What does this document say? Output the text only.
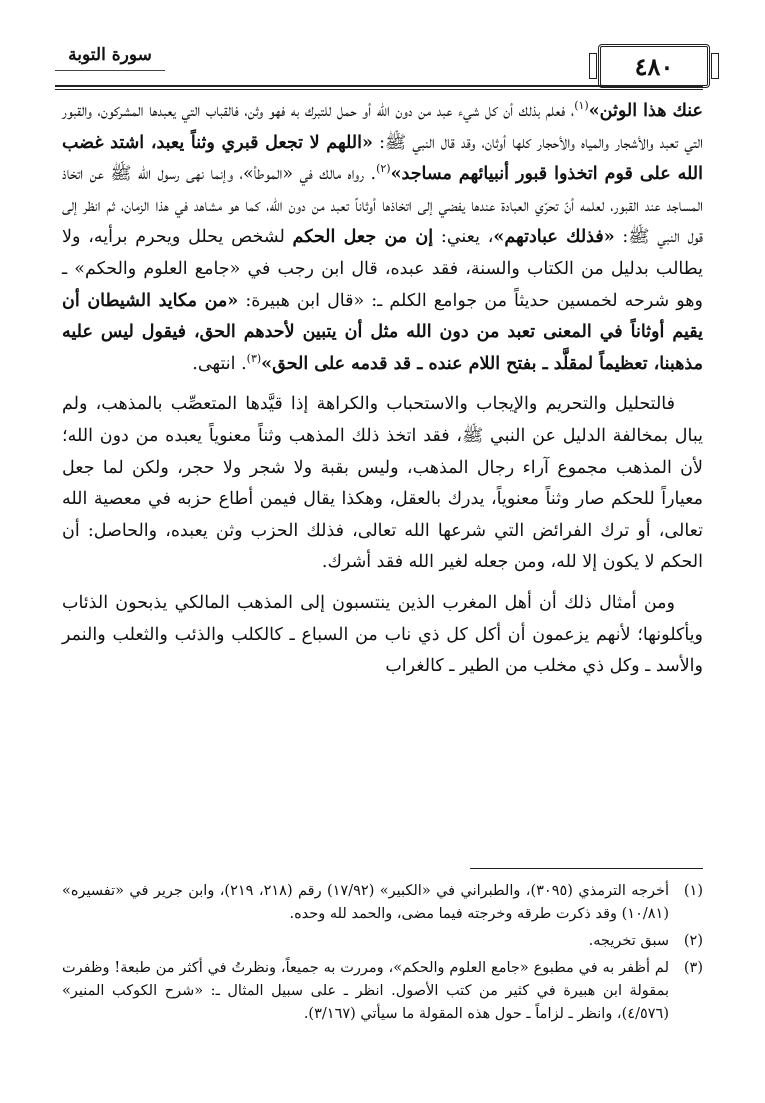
سورة التوبة	٤٨٠

عنك هذا الوثن»$^{(١)}$، فعلم بذلك أن كل شيء عبد من دون الله أو حمل للتبرك به فهو وثن، فالقباب التي يعبدها المشركون، والقبور التي تعبد والأشجار والمياه والأحجار كلها أوثان، وقد قال النبي ﷺ: «اللهم لا تجعل قبري وثناً يعبد، اشتد غضب الله على قوم اتخذوا قبور أنبيائهم مساجد»$^{(٢)}$. رواه مالك في «الموطأ»، وإنما نهى رسول الله ﷺ عن اتخاذ المساجد عند القبور، لعلمه أنّ تحرّي العبادة عندها يفضي إلى اتخاذها أوثاناً تعبد من دون الله، كما هو مشاهد في هذا الزمان، ثم انظر إلى قول النبي ﷺ: «فذلك عبادتهم»، يعني: إن من جعل الحكم لشخص يحلل ويحرم برأيه، ولا يطالب بدليل من الكتاب والسنة، فقد عبده، قال ابن رجب في «جامع العلوم والحكم» ـ وهو شرحه لخمسين حديثاً من جوامع الكلم ـ: «قال ابن هبيرة: «من مكايد الشيطان أن يقيم أوثاناً في المعنى تعبد من دون الله مثل أن يتبين لأحدهم الحق، فيقول ليس عليه مذهبنا، تعظيماً لمقلَّد ـ بفتح اللام عنده ـ قد قدمه على الحق»$^{(٣)}$. انتهى.

فالتحليل والتحريم والإيجاب والاستحباب والكراهة إذا قيَّدها المتعصِّب بالمذهب، ولم يبال بمخالفة الدليل عن النبي ﷺ، فقد اتخذ ذلك المذهب وثناً معنوياً يعبده من دون الله؛ لأن المذهب مجموع آراء رجال المذهب، وليس بقبة ولا شجر ولا حجر، ولكن لما جعل معياراً للحكم صار وثناً معنوياً، يدرك بالعقل، وهكذا يقال فيمن أطاع حزبه في معصية الله تعالى، أو ترك الفرائض التي شرعها الله تعالى، فذلك الحزب وثن يعبده، والحاصل: أن الحكم لا يكون إلا لله، ومن جعله لغير الله فقد أشرك.

ومن أمثال ذلك أن أهل المغرب الذين ينتسبون إلى المذهب المالكي يذبحون الذئاب ويأكلونها؛ لأنهم يزعمون أن أكل كل ذي ناب من السباع ـ كالكلب والذئب والثعلب والنمر والأسد ـ وكل ذي مخلب من الطير ـ كالغراب

(١)
أخرجه الترمذي (٣٠٩٥)، والطبراني في «الكبير» (١٧/٩٢) رقم (٢١٨، ٢١٩)، وابن جرير في «تفسيره» (١٠/٨١) وقد ذكرت طرقه وخرجته فيما مضى، والحمد لله وحده.
(٢)
سبق تخريجه.
(٣)
لم أظفر به في مطبوع «جامع العلوم والحكم»، ومررت به جميعاً، ونظرتُ في أكثر من طبعة! وظفرت بمقولة ابن هبيرة في كثير من كتب الأصول. انظر ـ على سبيل المثال ـ: «شرح الكوكب المنير» (٤/٥٧٦)، وانظر ـ لزاماً ـ حول هذه المقولة ما سيأتي (٣/١٦٧).
